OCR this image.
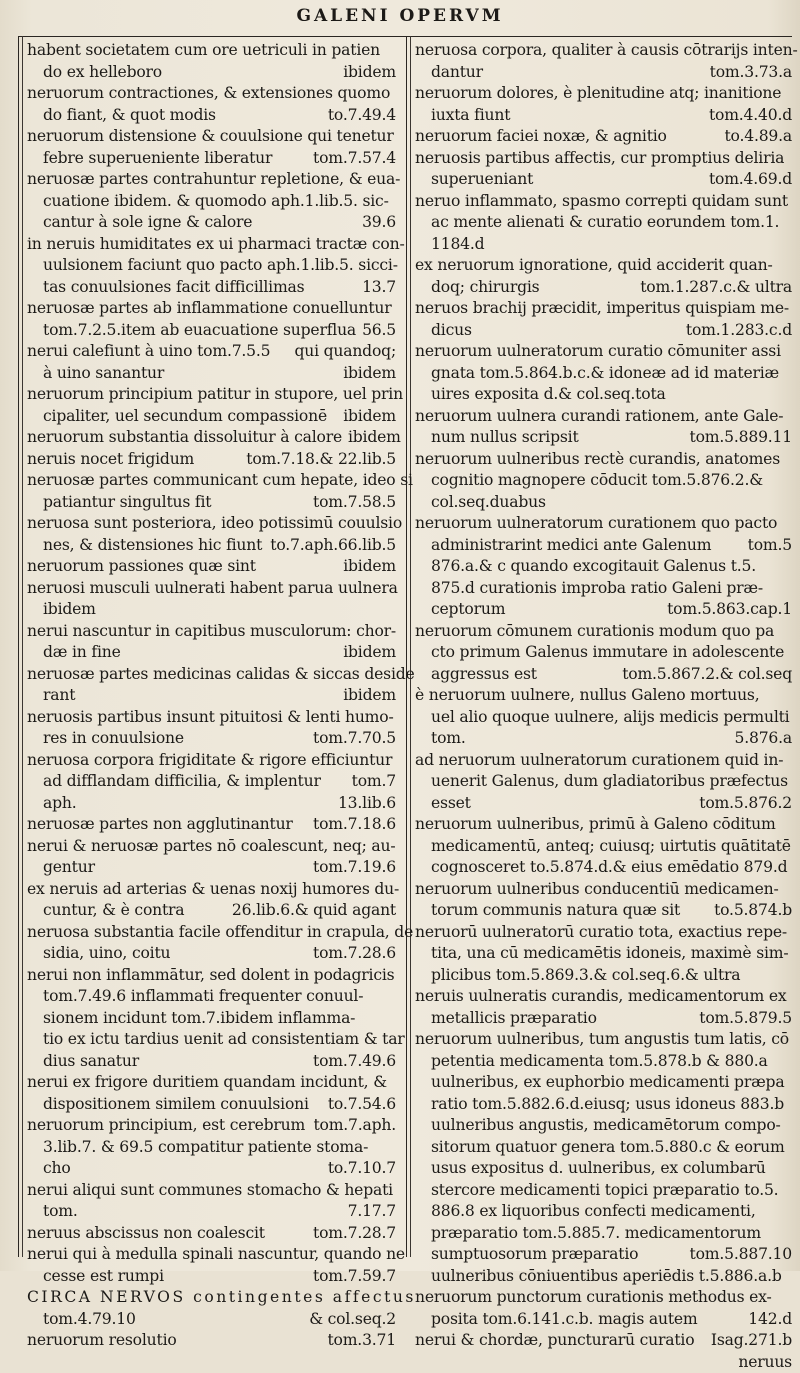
GALENI OPERVM
habent societatem cum ore uetriculi in patien
do ex helleboro	ibidem
neruorum contractiones, & extensiones quomo
do fiant, & quot modis	to.7.49.4
neruorum distensione & couulsione qui tenetur
febre superueniente liberatur	tom.7.57.4
neruosæ partes contrahuntur repletione, & eua-
cuatione ibidem. & quomodo aph.1.lib.5. sic-
cantur à sole igne & calore	39.6
in neruis humiditates ex ui pharmaci tractæ con-
uulsionem faciunt quo pacto aph.1.lib.5. sicci-
tas conuulsiones facit difficillimas	13.7
neruosæ partes ab inflammatione conuelluntur
tom.7.2.5.item ab euacuatione superflua 56.5
nerui calefiunt à uino tom.7.5.5	qui quandoq;
à uino sanantur	ibidem
neruorum principium patitur in stupore, uel prin
cipaliter, uel secundum compassionē	ibidem
neruorum substantia dissoluitur à calore ibidem
neruis nocet frigidum	tom.7.18.& 22.lib.5
neruosæ partes communicant cum hepate, ideo si
patiantur singultus fit	tom.7.58.5
neruosa sunt posteriora, ideo potissimū couulsio
nes, & distensiones hic fiunt to.7.aph.66.lib.5
neruorum passiones quæ sint	ibidem
neruosi musculi uulnerati habent parua uulnera
ibidem
nerui nascuntur in capitibus musculorum: chor-
dæ in fine	ibidem
neruosæ partes medicinas calidas & siccas deside
rant	ibidem
neruosis partibus insunt pituitosi & lenti humo-
res in conuulsione	tom.7.70.5
neruosa corpora frigiditate & rigore efficiuntur
ad difflandam difficilia, & implentur	tom.7
aph.	13.lib.6
neruosæ partes non agglutinantur	tom.7.18.6
nerui & neruosæ partes nō coalescunt, neq; au-
gentur	tom.7.19.6
ex neruis ad arterias & uenas noxij humores du-
cuntur, & è contra	26.lib.6.& quid agant
neruosa substantia facile offenditur in crapula, de
sidia, uino, coitu	tom.7.28.6
nerui non inflammātur, sed dolent in podagricis
tom.7.49.6 inflammati frequenter conuul-
sionem incidunt tom.7.ibidem inflamma-
tio ex ictu tardius uenit ad consistentiam & tar
dius sanatur	tom.7.49.6
nerui ex frigore duritiem quandam incidunt, &
dispositionem similem conuulsioni	to.7.54.6
neruorum principium, est cerebrum tom.7.aph.
3.lib.7. & 69.5 compatitur patiente stoma-
cho	to.7.10.7
nerui aliqui sunt communes stomacho & hepati
tom.	7.17.7
neruus abscissus non coalescit	tom.7.28.7
nerui qui à medulla spinali nascuntur, quando ne
cesse est rumpi	tom.7.59.7
CIRCA NERVOS contingentes affectus
tom.4.79.10	& col.seq.2
neruorum resolutio	tom.3.71
neruosa corpora, qualiter à causis cōtrarijs inten-
dantur	tom.3.73.a
neruorum dolores, è plenitudine atq; inanitione
iuxta fiunt	tom.4.40.d
neruorum faciei noxæ, & agnitio	to.4.89.a
neruosis partibus affectis, cur promptius deliria
superueniant	tom.4.69.d
neruo inflammato, spasmo correpti quidam sunt
ac mente alienati & curatio eorundem tom.1.
1184.d
ex neruorum ignoratione, quid acciderit quan-
doq; chirurgis	tom.1.287.c.& ultra
neruos brachij præcidit, imperitus quispiam me-
dicus	tom.1.283.c.d
neruorum uulneratorum curatio cōmuniter assi
gnata tom.5.864.b.c.& idoneæ ad id materiæ
uires exposita d.& col.seq.tota
neruorum uulnera curandi rationem, ante Gale-
num nullus scripsit	tom.5.889.11
neruorum uulneribus rectè curandis, anatomes
cognitio magnopere cōducit tom.5.876.2.&
col.seq.duabus
neruorum uulneratorum curationem quo pacto
administrarint medici ante Galenum	tom.5
876.a.& c quando excogitauit Galenus t.5.
875.d curationis improba ratio Galeni præ-
ceptorum	tom.5.863.cap.1
neruorum cōmunem curationis modum quo pa
cto primum Galenus immutare in adolescente
aggressus est	tom.5.867.2.& col.seq
è neruorum uulnere, nullus Galeno mortuus,
uel alio quoque uulnere, alijs medicis permulti
tom.	5.876.a
ad neruorum uulneratorum curationem quid in-
uenerit Galenus, dum gladiatoribus præfectus
esset	tom.5.876.2
neruorum uulneribus, primū à Galeno cōditum
medicamentū, anteq; cuiusq; uirtutis quātitatē
cognosceret to.5.874.d.& eius emēdatio 879.d
neruorum uulneribus conducentiū medicamen-
torum communis natura quæ sit	to.5.874.b
neruorū uulneratorū curatio tota, exactius repe-
tita, una cū medicamētis idoneis, maximè sim-
plicibus tom.5.869.3.& col.seq.6.& ultra
neruis uulneratis curandis, medicamentorum ex
metallicis præparatio	tom.5.879.5
neruorum uulneribus, tum angustis tum latis, cō
petentia medicamenta tom.5.878.b & 880.a
uulneribus, ex euphorbio medicamenti præpa
ratio tom.5.882.6.d.eiusq; usus idoneus 883.b
uulneribus angustis, medicamētorum compo-
sitorum quatuor genera tom.5.880.c & eorum
usus expositus d. uulneribus, ex columbarū
stercore medicamenti topici præparatio to.5.
886.8 ex liquoribus confecti medicamenti,
præparatio tom.5.885.7. medicamentorum
sumptuosorum præparatio	tom.5.887.10
uulneribus cōniuentibus aperiēdis t.5.886.a.b
neruorum punctorum curationis methodus ex-
posita tom.6.141.c.b. magis autem	142.d
nerui & chordæ, puncturarū curatio	Isag.271.b
neruus
